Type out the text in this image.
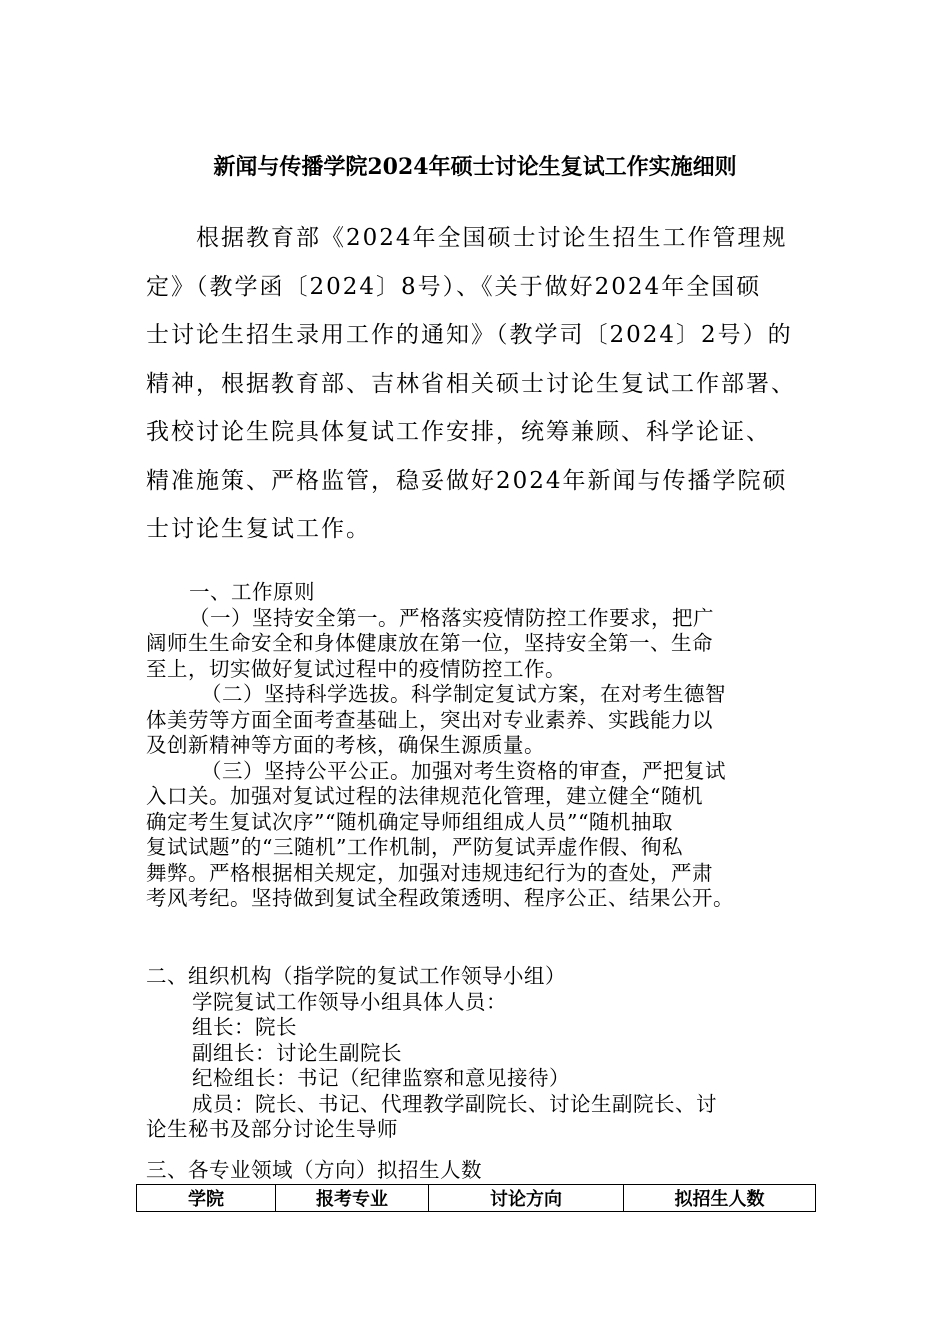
新闻与传播学院2024年硕士讨论生复试工作实施细则
根据教育部《2024年全国硕士讨论生招生工作管理规
定》（教学函〔2024〕8号）、《关于做好2024年全国硕
士讨论生招生录用工作的通知》（教学司〔2024〕2号）的
精神，根据教育部、吉林省相关硕士讨论生复试工作部署、
我校讨论生院具体复试工作安排，统筹兼顾、科学论证、
精准施策、严格监管，稳妥做好2024年新闻与传播学院硕
士讨论生复试工作。
一、工作原则
（一）坚持安全第一。严格落实疫情防控工作要求，把广
阔师生生命安全和身体健康放在第一位，坚持安全第一、生命
至上，切实做好复试过程中的疫情防控工作。
（二）坚持科学选拔。科学制定复试方案，在对考生德智
体美劳等方面全面考查基础上，突出对专业素养、实践能力以
及创新精神等方面的考核，确保生源质量。
（三）坚持公平公正。加强对考生资格的审查，严把复试
入口关。加强对复试过程的法律规范化管理，建立健全“随机
确定考生复试次序”“随机确定导师组组成人员”“随机抽取
复试试题”的“三随机”工作机制，严防复试弄虚作假、徇私
舞弊。严格根据相关规定，加强对违规违纪行为的查处，严肃
考风考纪。坚持做到复试全程政策透明、程序公正、结果公开。
二、组织机构（指学院的复试工作领导小组）
学院复试工作领导小组具体人员：
组长：院长
副组长：讨论生副院长
纪检组长：书记（纪律监察和意见接待）
成员：院长、书记、代理教学副院长、讨论生副院长、讨
论生秘书及部分讨论生导师
三、各专业领域（方向）拟招生人数
学院	报考专业	讨论方向	拟招生人数
